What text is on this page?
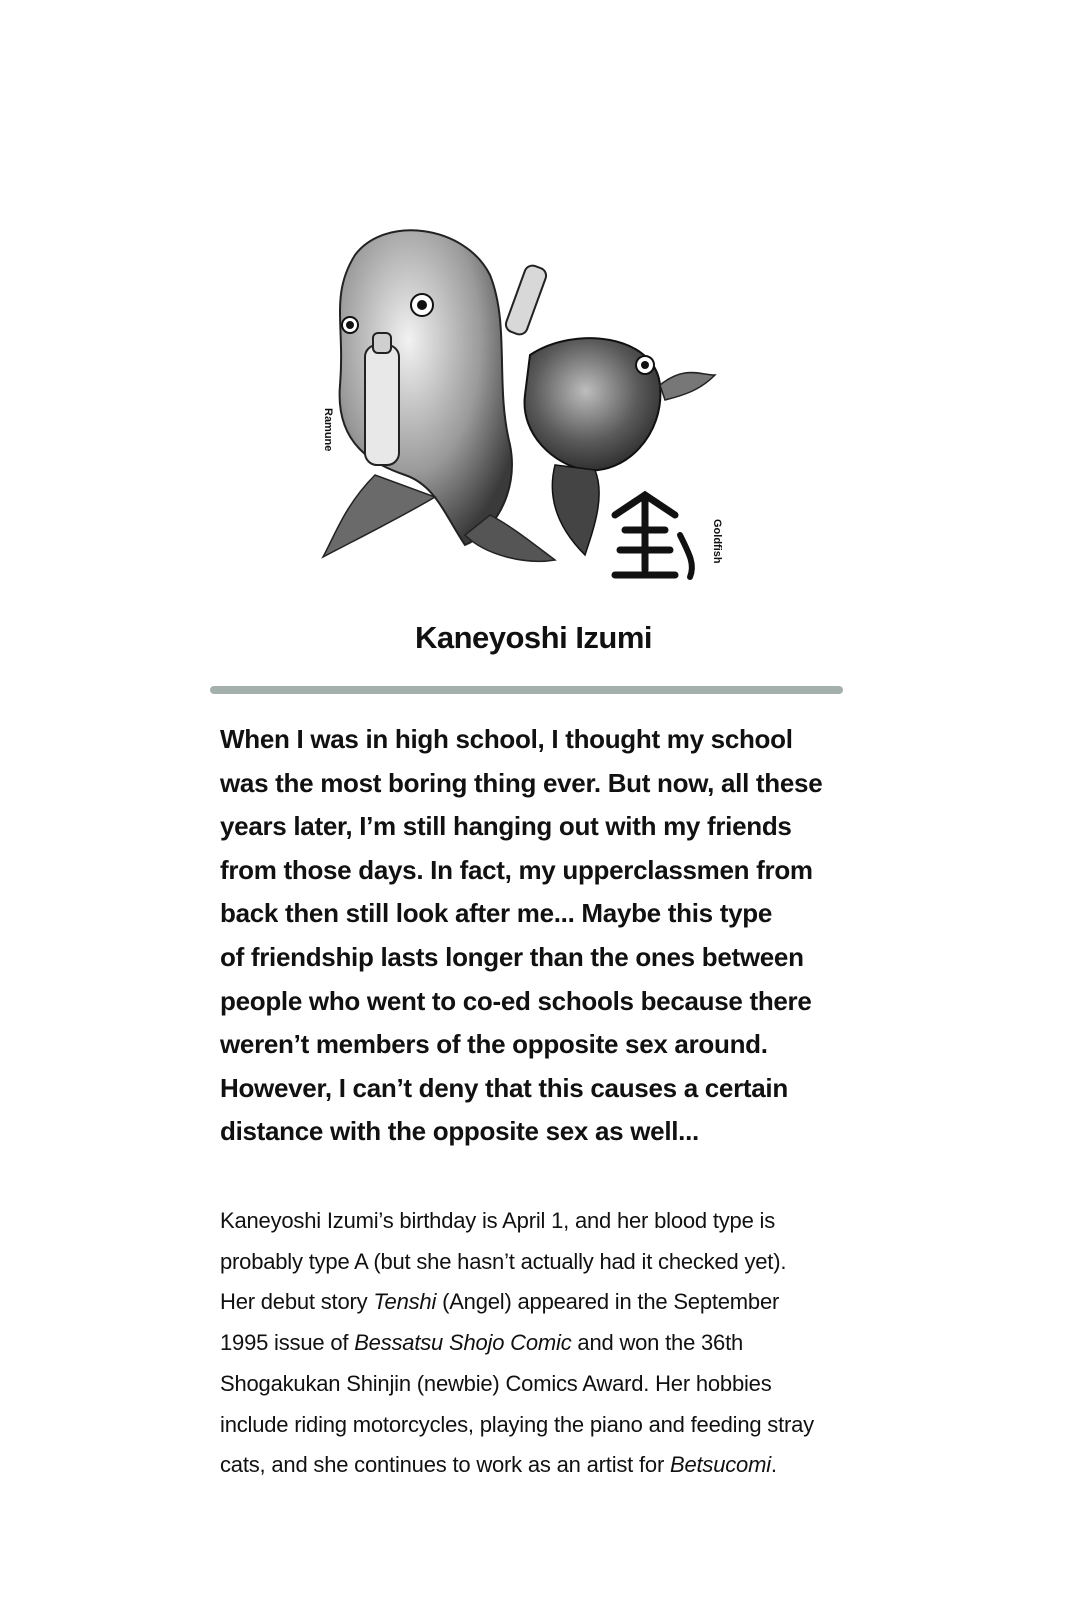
Ramune
Goldfish
Kaneyoshi Izumi
When I was in high school, I thought my school
was the most boring thing ever. But now, all these
years later, I’m still hanging out with my friends
from those days. In fact, my upperclassmen from
back then still look after me... Maybe this type
of friendship lasts longer than the ones between
people who went to co-ed schools because there
weren’t members of the opposite sex around.
However, I can’t deny that this causes a certain
distance with the opposite sex as well...
Kaneyoshi Izumi’s birthday is April 1, and her blood type is
probably type A (but she hasn’t actually had it checked yet).
Her debut story Tenshi (Angel) appeared in the September
1995 issue of Bessatsu Shojo Comic and won the 36th
Shogakukan Shinjin (newbie) Comics Award. Her hobbies
include riding motorcycles, playing the piano and feeding stray
cats, and she continues to work as an artist for Betsucomi.
